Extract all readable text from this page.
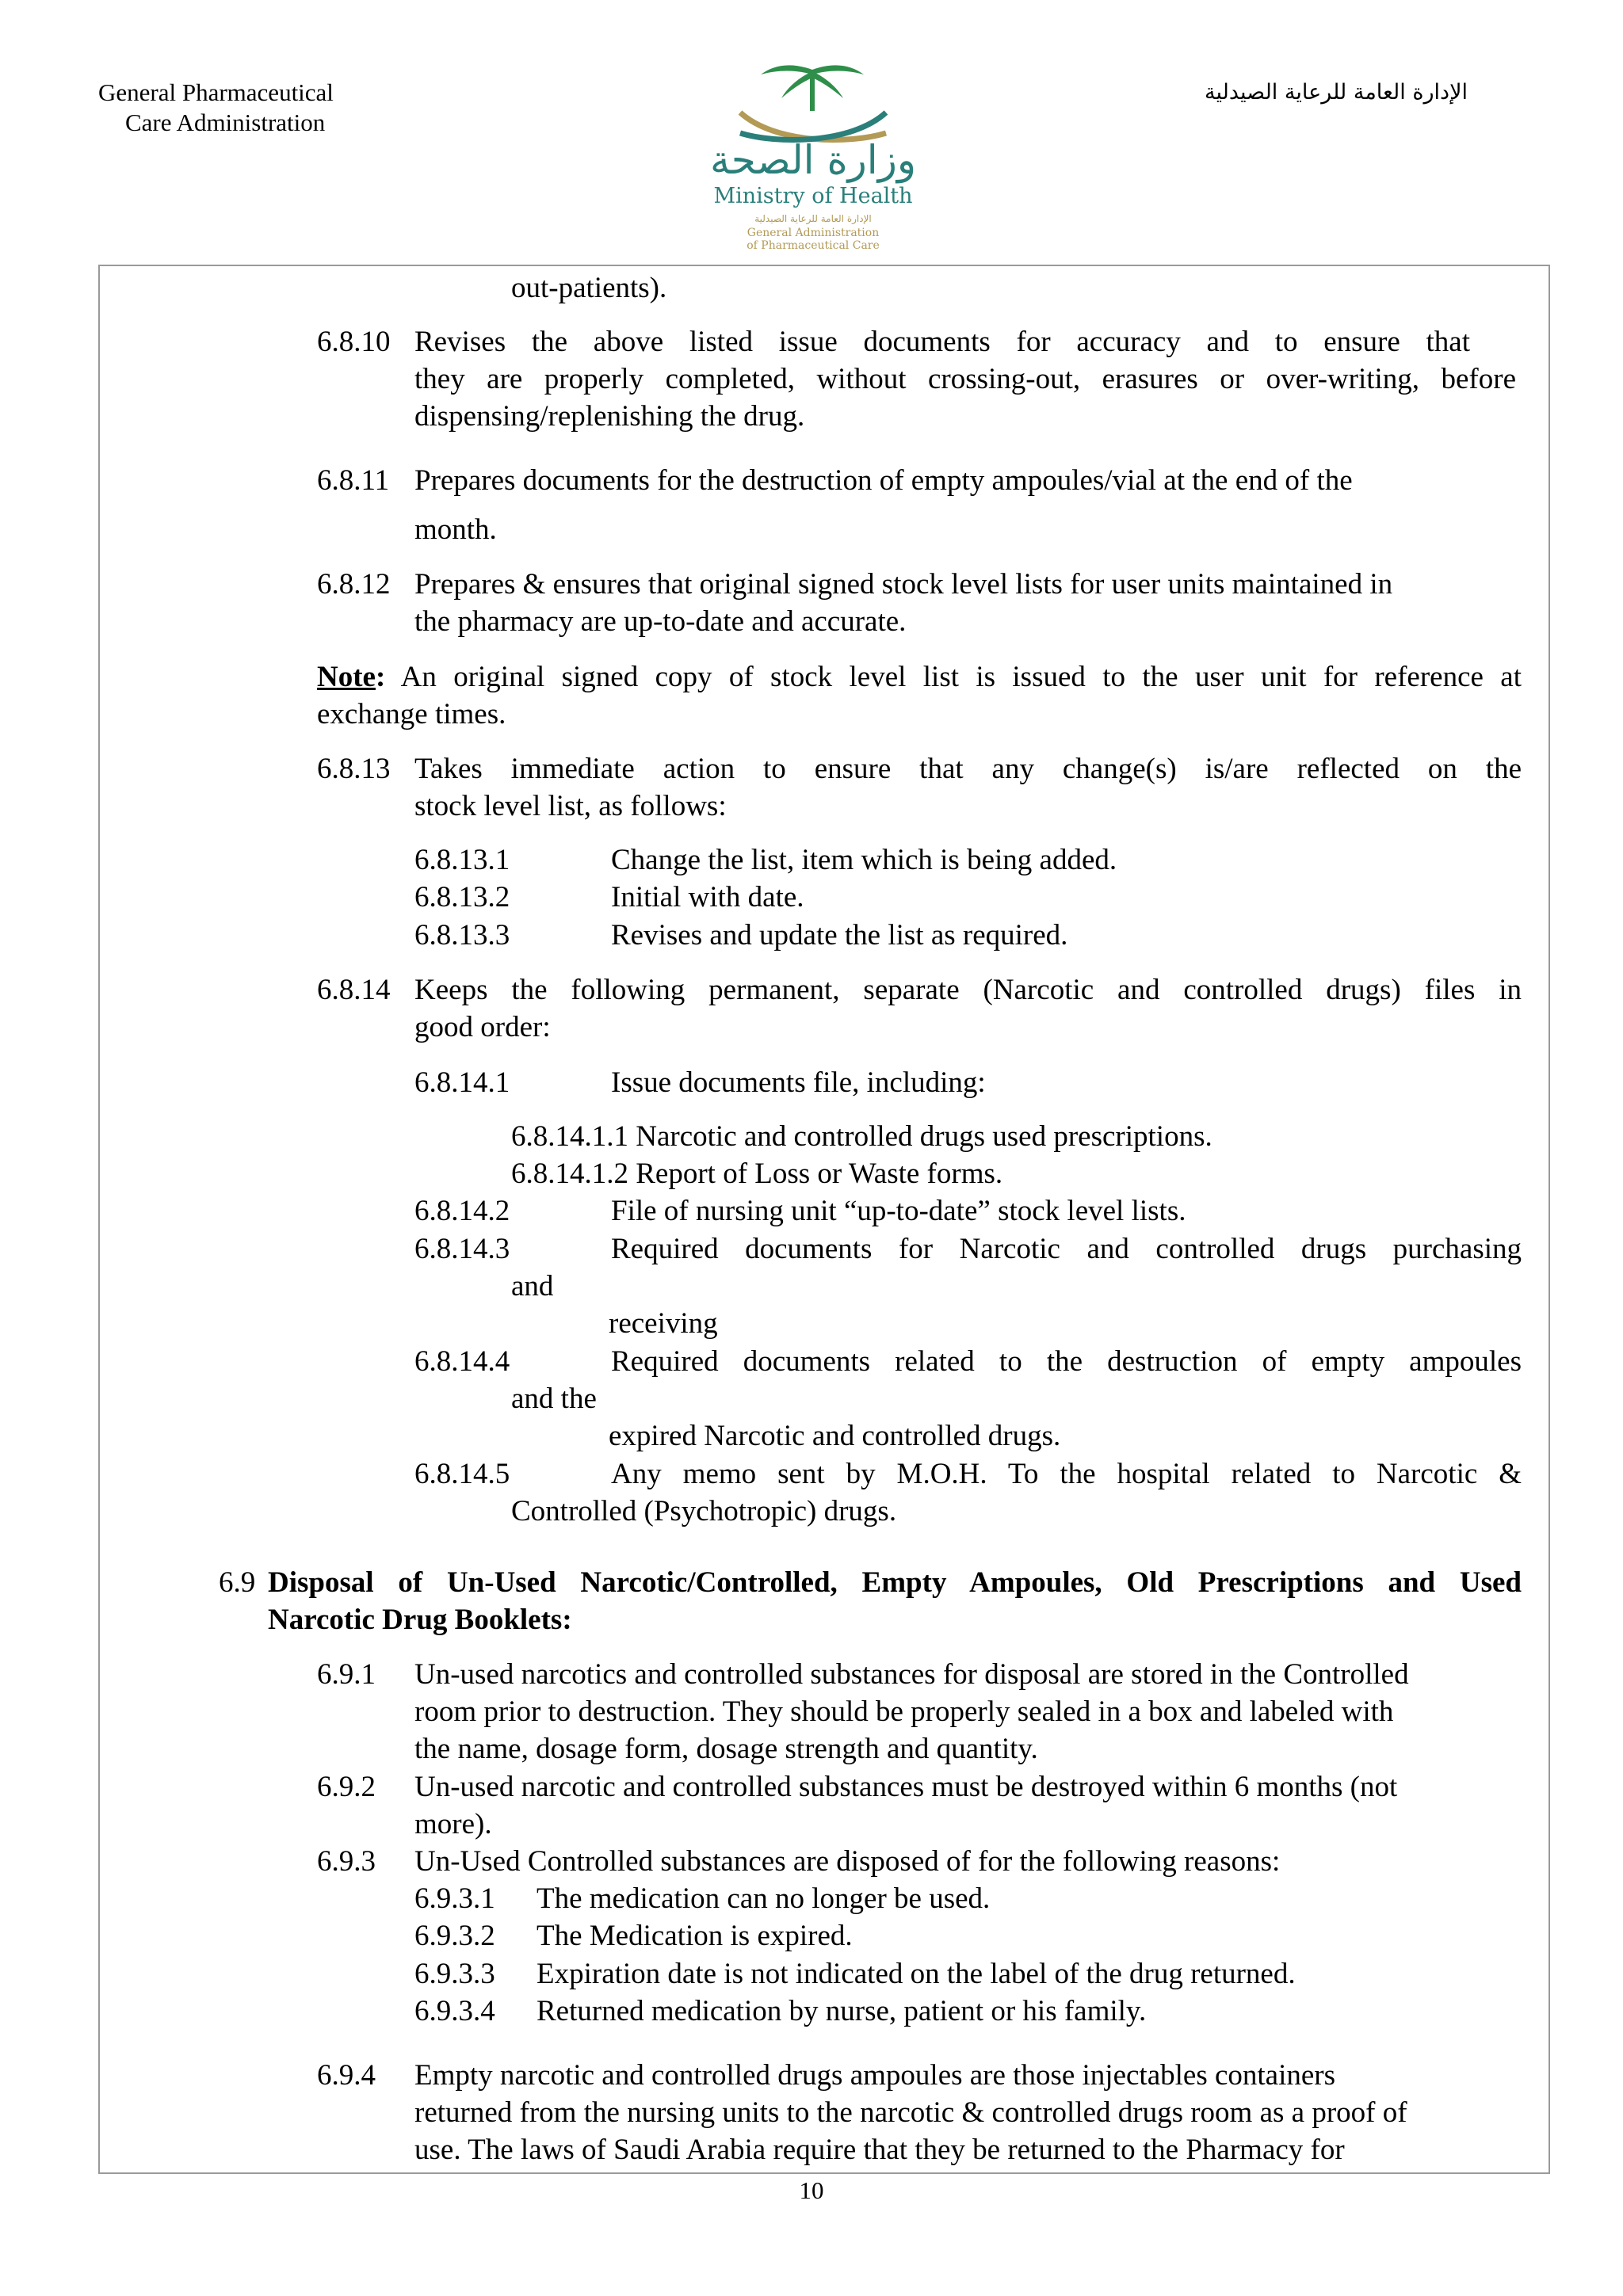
General Pharmaceutical
Care Administration
الإدارة العامة للرعاية الصيدلية
وزارة الصحة
Ministry of Health
الإدارة العامة للرعاية الصيدلية
General Administration
of Pharmaceutical Care
out-patients).
6.8.10 Revises the above listed issue documents for accuracy and to ensure that
they are properly completed, without crossing-out, erasures or over-writing, before
dispensing/replenishing the drug.
6.8.11 Prepares documents for the destruction of empty ampoules/vial at the end of the
month.
6.8.12 Prepares & ensures that original signed stock level lists for user units maintained in
the pharmacy are up-to-date and accurate.
Note : An original signed copy of stock level list is issued to the user unit for reference at
exchange times.
6.8.13 Takes immediate action to ensure that any change(s) is/are reflected on the
stock level list, as follows:
6.8.13.1	Change the list, item which is being added.
6.8.13.2	Initial with date.
6.8.13.3	Revises and update the list as required.
6.8.14 Keeps the following permanent, separate (Narcotic and controlled drugs) files in
good order:
6.8.14.1	Issue documents file, including:
6.8.14.1.1 Narcotic and controlled drugs used prescriptions.
6.8.14.1.2 Report of Loss or Waste forms.
6.8.14.2	File of nursing unit “up-to-date” stock level lists.
6.8.14.3	Required documents for Narcotic and controlled drugs purchasing
and
receiving
6.8.14.4	Required documents related to the destruction of empty ampoules
and the
expired Narcotic and controlled drugs.
6.8.14.5	Any memo sent by M.O.H. To the hospital related to Narcotic &
Controlled (Psychotropic) drugs.
6.9 Disposal of Un-Used Narcotic/Controlled, Empty Ampoules, Old Prescriptions and Used
Narcotic Drug Booklets:
6.9.1 Un-used narcotics and controlled substances for disposal are stored in the Controlled
room prior to destruction. They should be properly sealed in a box and labeled with
the name, dosage form, dosage strength and quantity.
6.9.2 Un-used narcotic and controlled substances must be destroyed within 6 months (not
more).
6.9.3 Un-Used Controlled substances are disposed of for the following reasons:
6.9.3.1 The medication can no longer be used.
6.9.3.2 The Medication is expired.
6.9.3.3 Expiration date is not indicated on the label of the drug returned.
6.9.3.4 Returned medication by nurse, patient or his family.
6.9.4 Empty narcotic and controlled drugs ampoules are those injectables containers
returned from the nursing units to the narcotic & controlled drugs room as a proof of
use. The laws of Saudi Arabia require that they be returned to the Pharmacy for
10
